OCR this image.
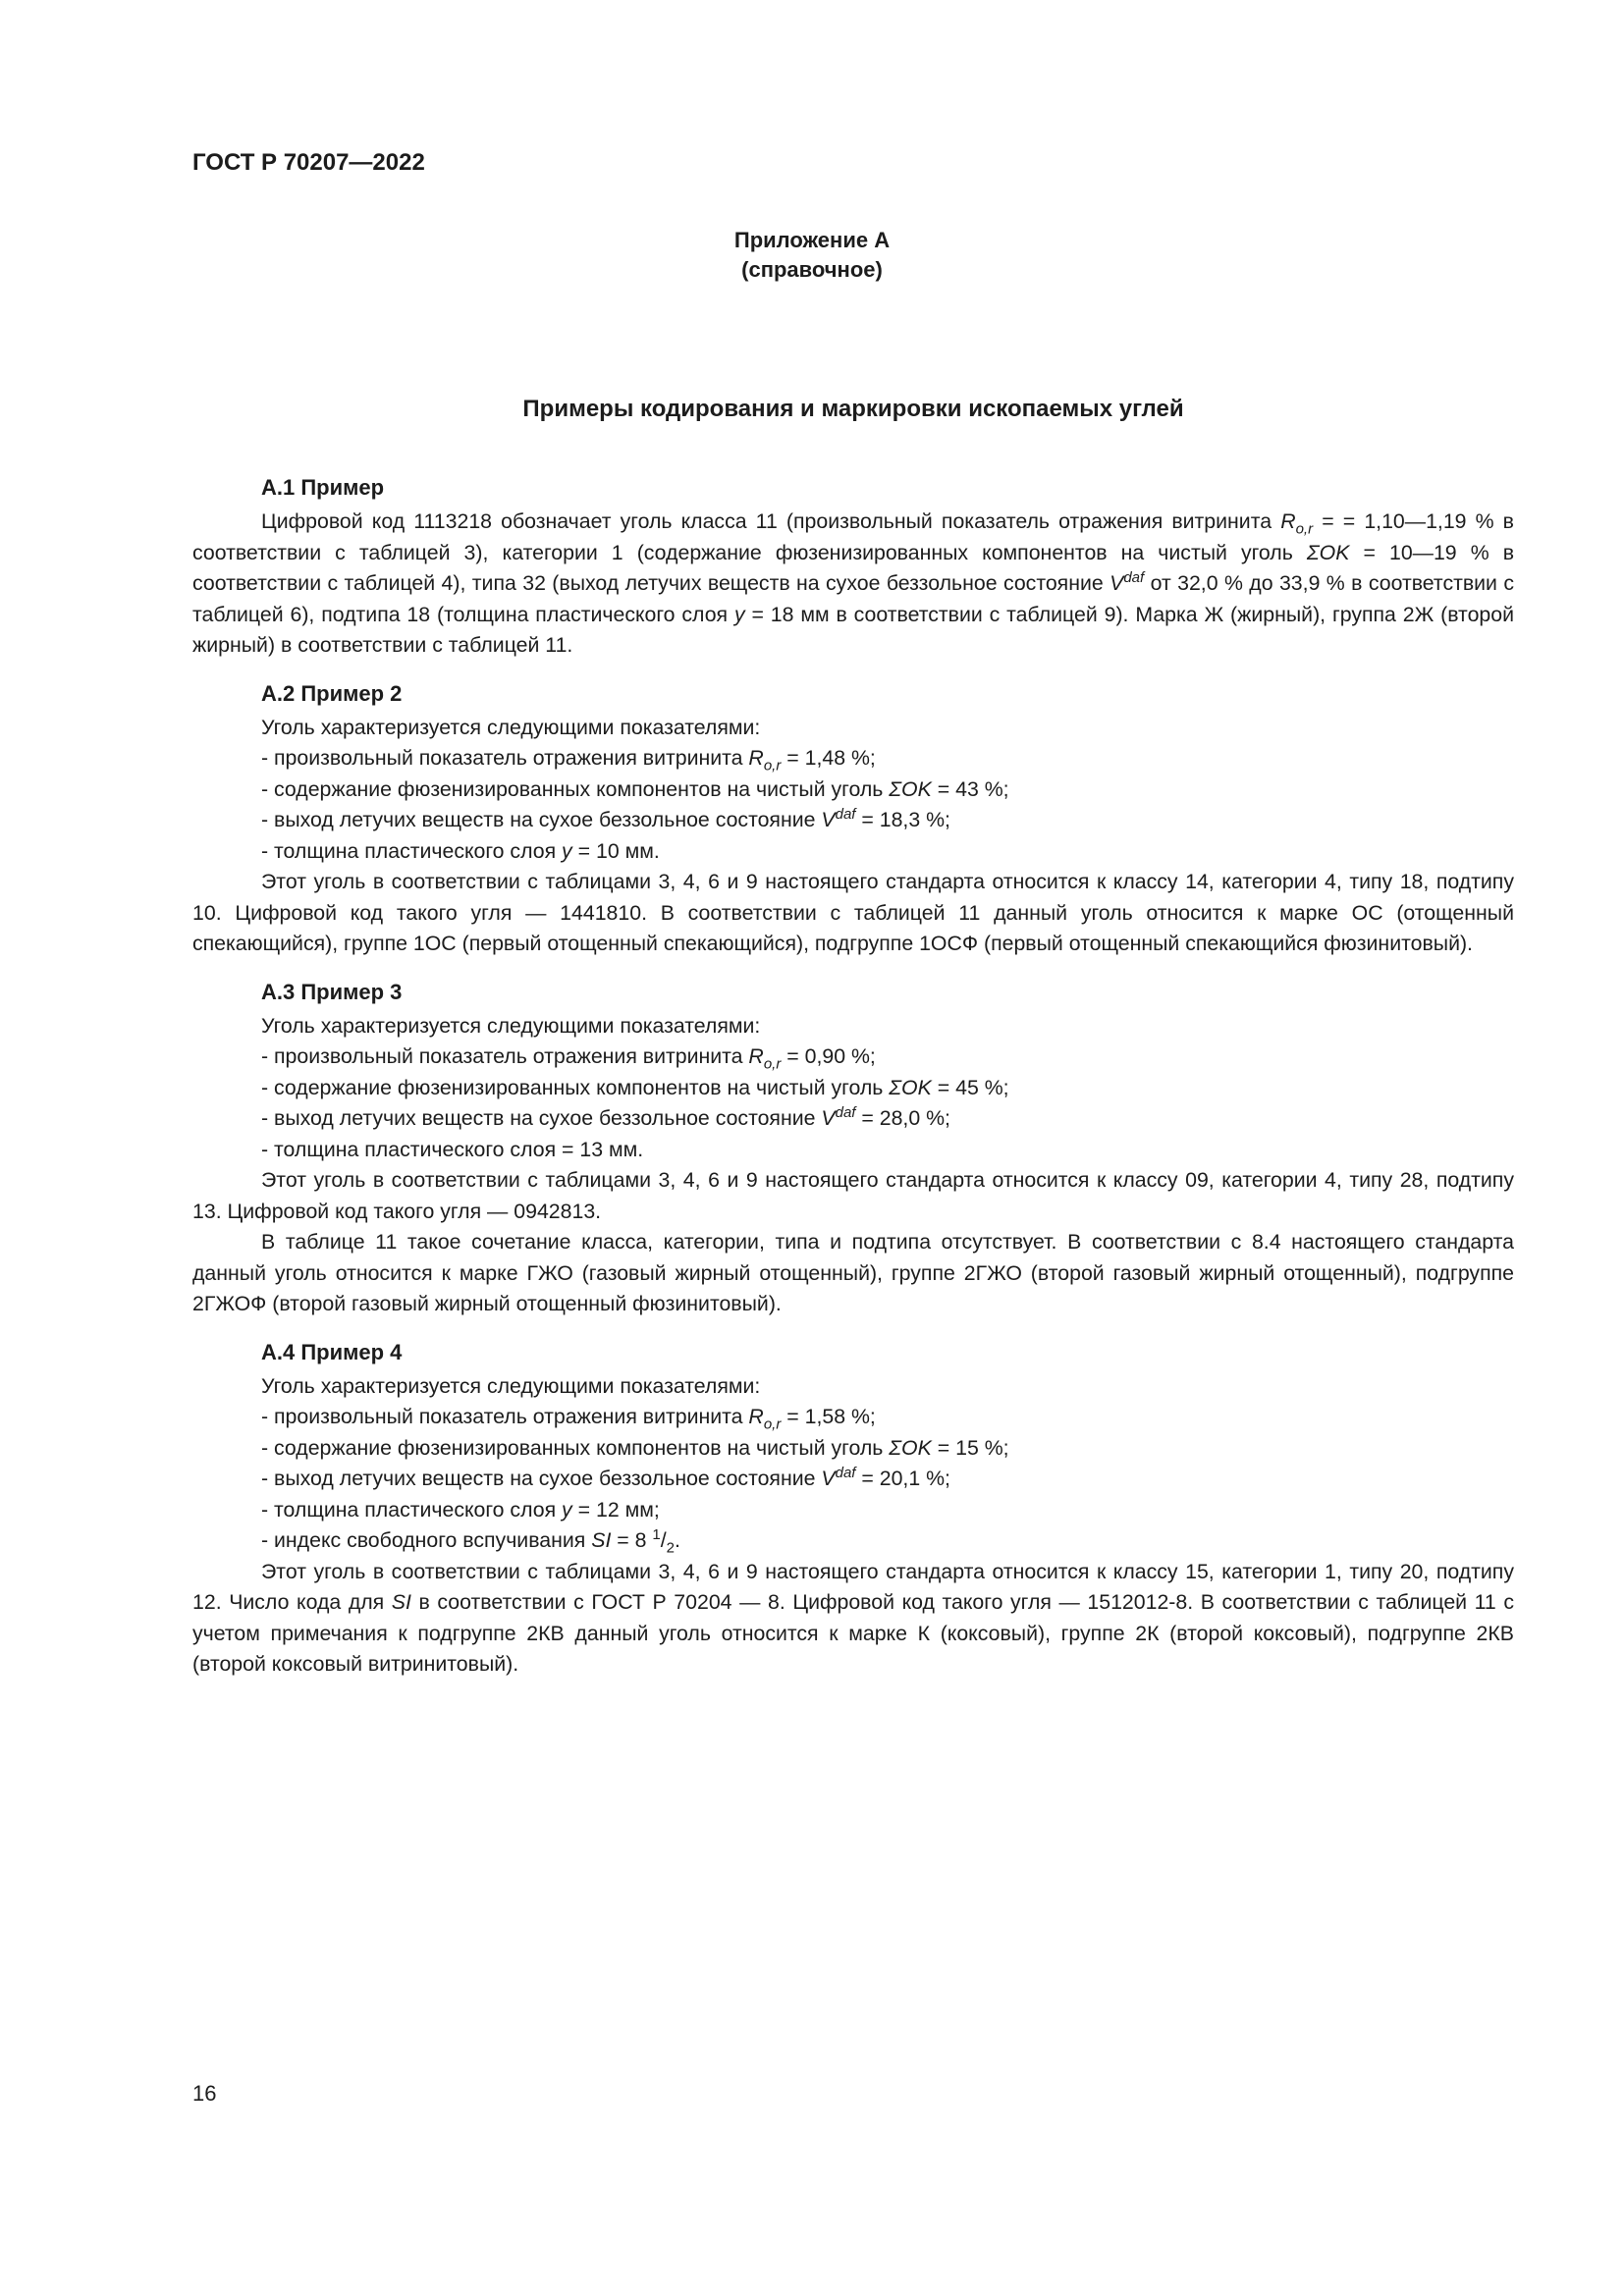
ГОСТ Р 70207—2022
Приложение А
(справочное)
Примеры кодирования и маркировки ископаемых углей
А.1 Пример

Цифровой код 1113218 обозначает уголь класса 11 (произвольный показатель отражения витринита $R_{o,r}$ = = 1,10—1,19 % в соответствии с таблицей 3), категории 1 (содержание фюзенизированных компонентов на чистый уголь ΣOK = 10—19 % в соответствии с таблицей 4), типа 32 (выход летучих веществ на сухое беззольное состояние $V^{daf}$ от 32,0 % до 33,9 % в соответствии с таблицей 6), подтипа 18 (толщина пластического слоя y = 18 мм в соответствии с таблицей 9). Марка Ж (жирный), группа 2Ж (второй жирный) в соответствии с таблицей 11.

А.2 Пример 2

Уголь характеризуется следующими показателями:

- произвольный показатель отражения витринита $R_{o,r} = 1,48$ %;
- содержание фюзенизированных компонентов на чистый уголь ΣOK = 43 %;
- выход летучих веществ на сухое беззольное состояние $V^{daf} = 18,3$ %;
- толщина пластического слоя y = 10 мм.

Этот уголь в соответствии с таблицами 3, 4, 6 и 9 настоящего стандарта относится к классу 14, категории 4, типу 18, подтипу 10. Цифровой код такого угля — 1441810. В соответствии с таблицей 11 данный уголь относится к марке ОС (отощенный спекающийся), группе 1ОС (первый отощенный спекающийся), подгруппе 1ОСФ (первый отощенный спекающийся фюзинитовый).

А.3 Пример 3

Уголь характеризуется следующими показателями:

- произвольный показатель отражения витринита $R_{o,r} = 0,90$ %;
- содержание фюзенизированных компонентов на чистый уголь ΣOK = 45 %;
- выход летучих веществ на сухое беззольное состояние $V^{daf} = 28,0$ %;
- толщина пластического слоя = 13 мм.

Этот уголь в соответствии с таблицами 3, 4, 6 и 9 настоящего стандарта относится к классу 09, категории 4, типу 28, подтипу 13. Цифровой код такого угля — 0942813.

В таблице 11 такое сочетание класса, категории, типа и подтипа отсутствует. В соответствии с 8.4 настоящего стандарта данный уголь относится к марке ГЖО (газовый жирный отощенный), группе 2ГЖО (второй газовый жирный отощенный), подгруппе 2ГЖОФ (второй газовый жирный отощенный фюзинитовый).

А.4 Пример 4

Уголь характеризуется следующими показателями:

- произвольный показатель отражения витринита $R_{o,r} = 1,58$ %;
- содержание фюзенизированных компонентов на чистый уголь ΣOK = 15 %;
- выход летучих веществ на сухое беззольное состояние $V^{daf} = 20,1$ %;
- толщина пластического слоя y = 12 мм;
- индекс свободного вспучивания SI = 8 $^1/_2$.

Этот уголь в соответствии с таблицами 3, 4, 6 и 9 настоящего стандарта относится к классу 15, категории 1, типу 20, подтипу 12. Число кода для SI в соответствии с ГОСТ Р 70204 — 8. Цифровой код такого угля — 1512012-8. В соответствии с таблицей 11 с учетом примечания к подгруппе 2КВ данный уголь относится к марке К (коксовый), группе 2К (второй коксовый), подгруппе 2КВ (второй коксовый витринитовый).

16
